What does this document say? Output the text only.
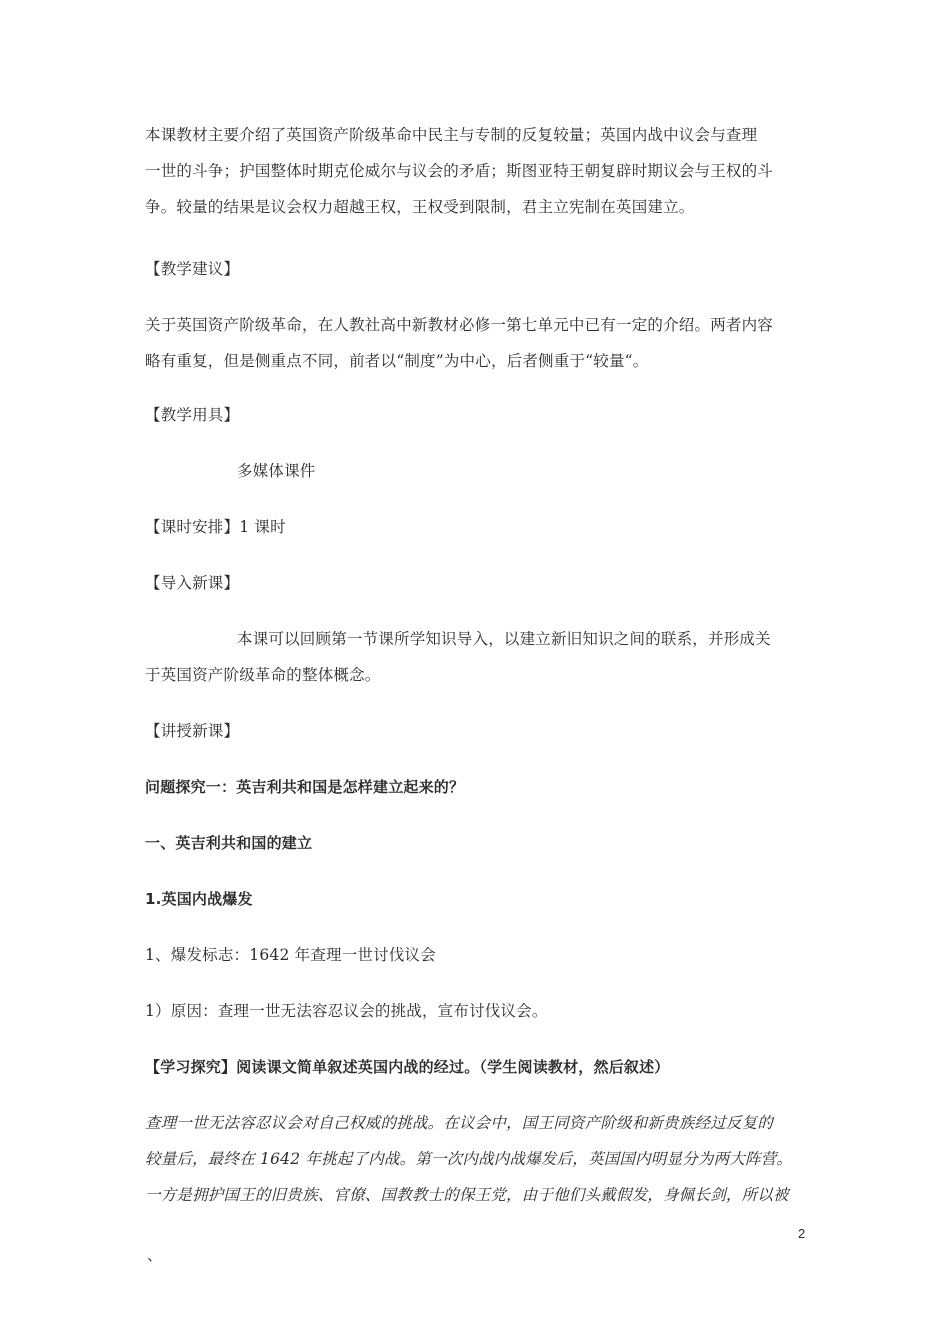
本课教材主要介绍了英国资产阶级革命中民主与专制的反复较量；英国内战中议会与查理
一世的斗争；护国整体时期克伦威尔与议会的矛盾；斯图亚特王朝复辟时期议会与王权的斗
争。较量的结果是议会权力超越王权，王权受到限制，君主立宪制在英国建立。

【教学建议】

关于英国资产阶级革命，在人教社高中新教材必修一第七单元中已有一定的介绍。两者内容
略有重复，但是侧重点不同，前者以“制度”为中心，后者侧重于“较量“。

【教学用具】

多媒体课件

【课时安排】1 课时

【导入新课】

本课可以回顾第一节课所学知识导入，以建立新旧知识之间的联系，并形成关
于英国资产阶级革命的整体概念。

【讲授新课】

问题探究一：英吉利共和国是怎样建立起来的？

一、英吉利共和国的建立

1.英国内战爆发

1、爆发标志：1642 年查理一世讨伐议会

1）原因：查理一世无法容忍议会的挑战，宣布讨伐议会。

【学习探究】阅读课文简单叙述英国内战的经过。（学生阅读教材，然后叙述）

查理一世无法容忍议会对自己权威的挑战。在议会中，国王同资产阶级和新贵族经过反复的
较量后，最终在 1642 年挑起了内战。第一次内战内战爆发后，英国国内明显分为两大阵营。
一方是拥护国王的旧贵族、官僚、国教教士的保王党，由于他们头戴假发，身佩长剑，所以被

、
2
